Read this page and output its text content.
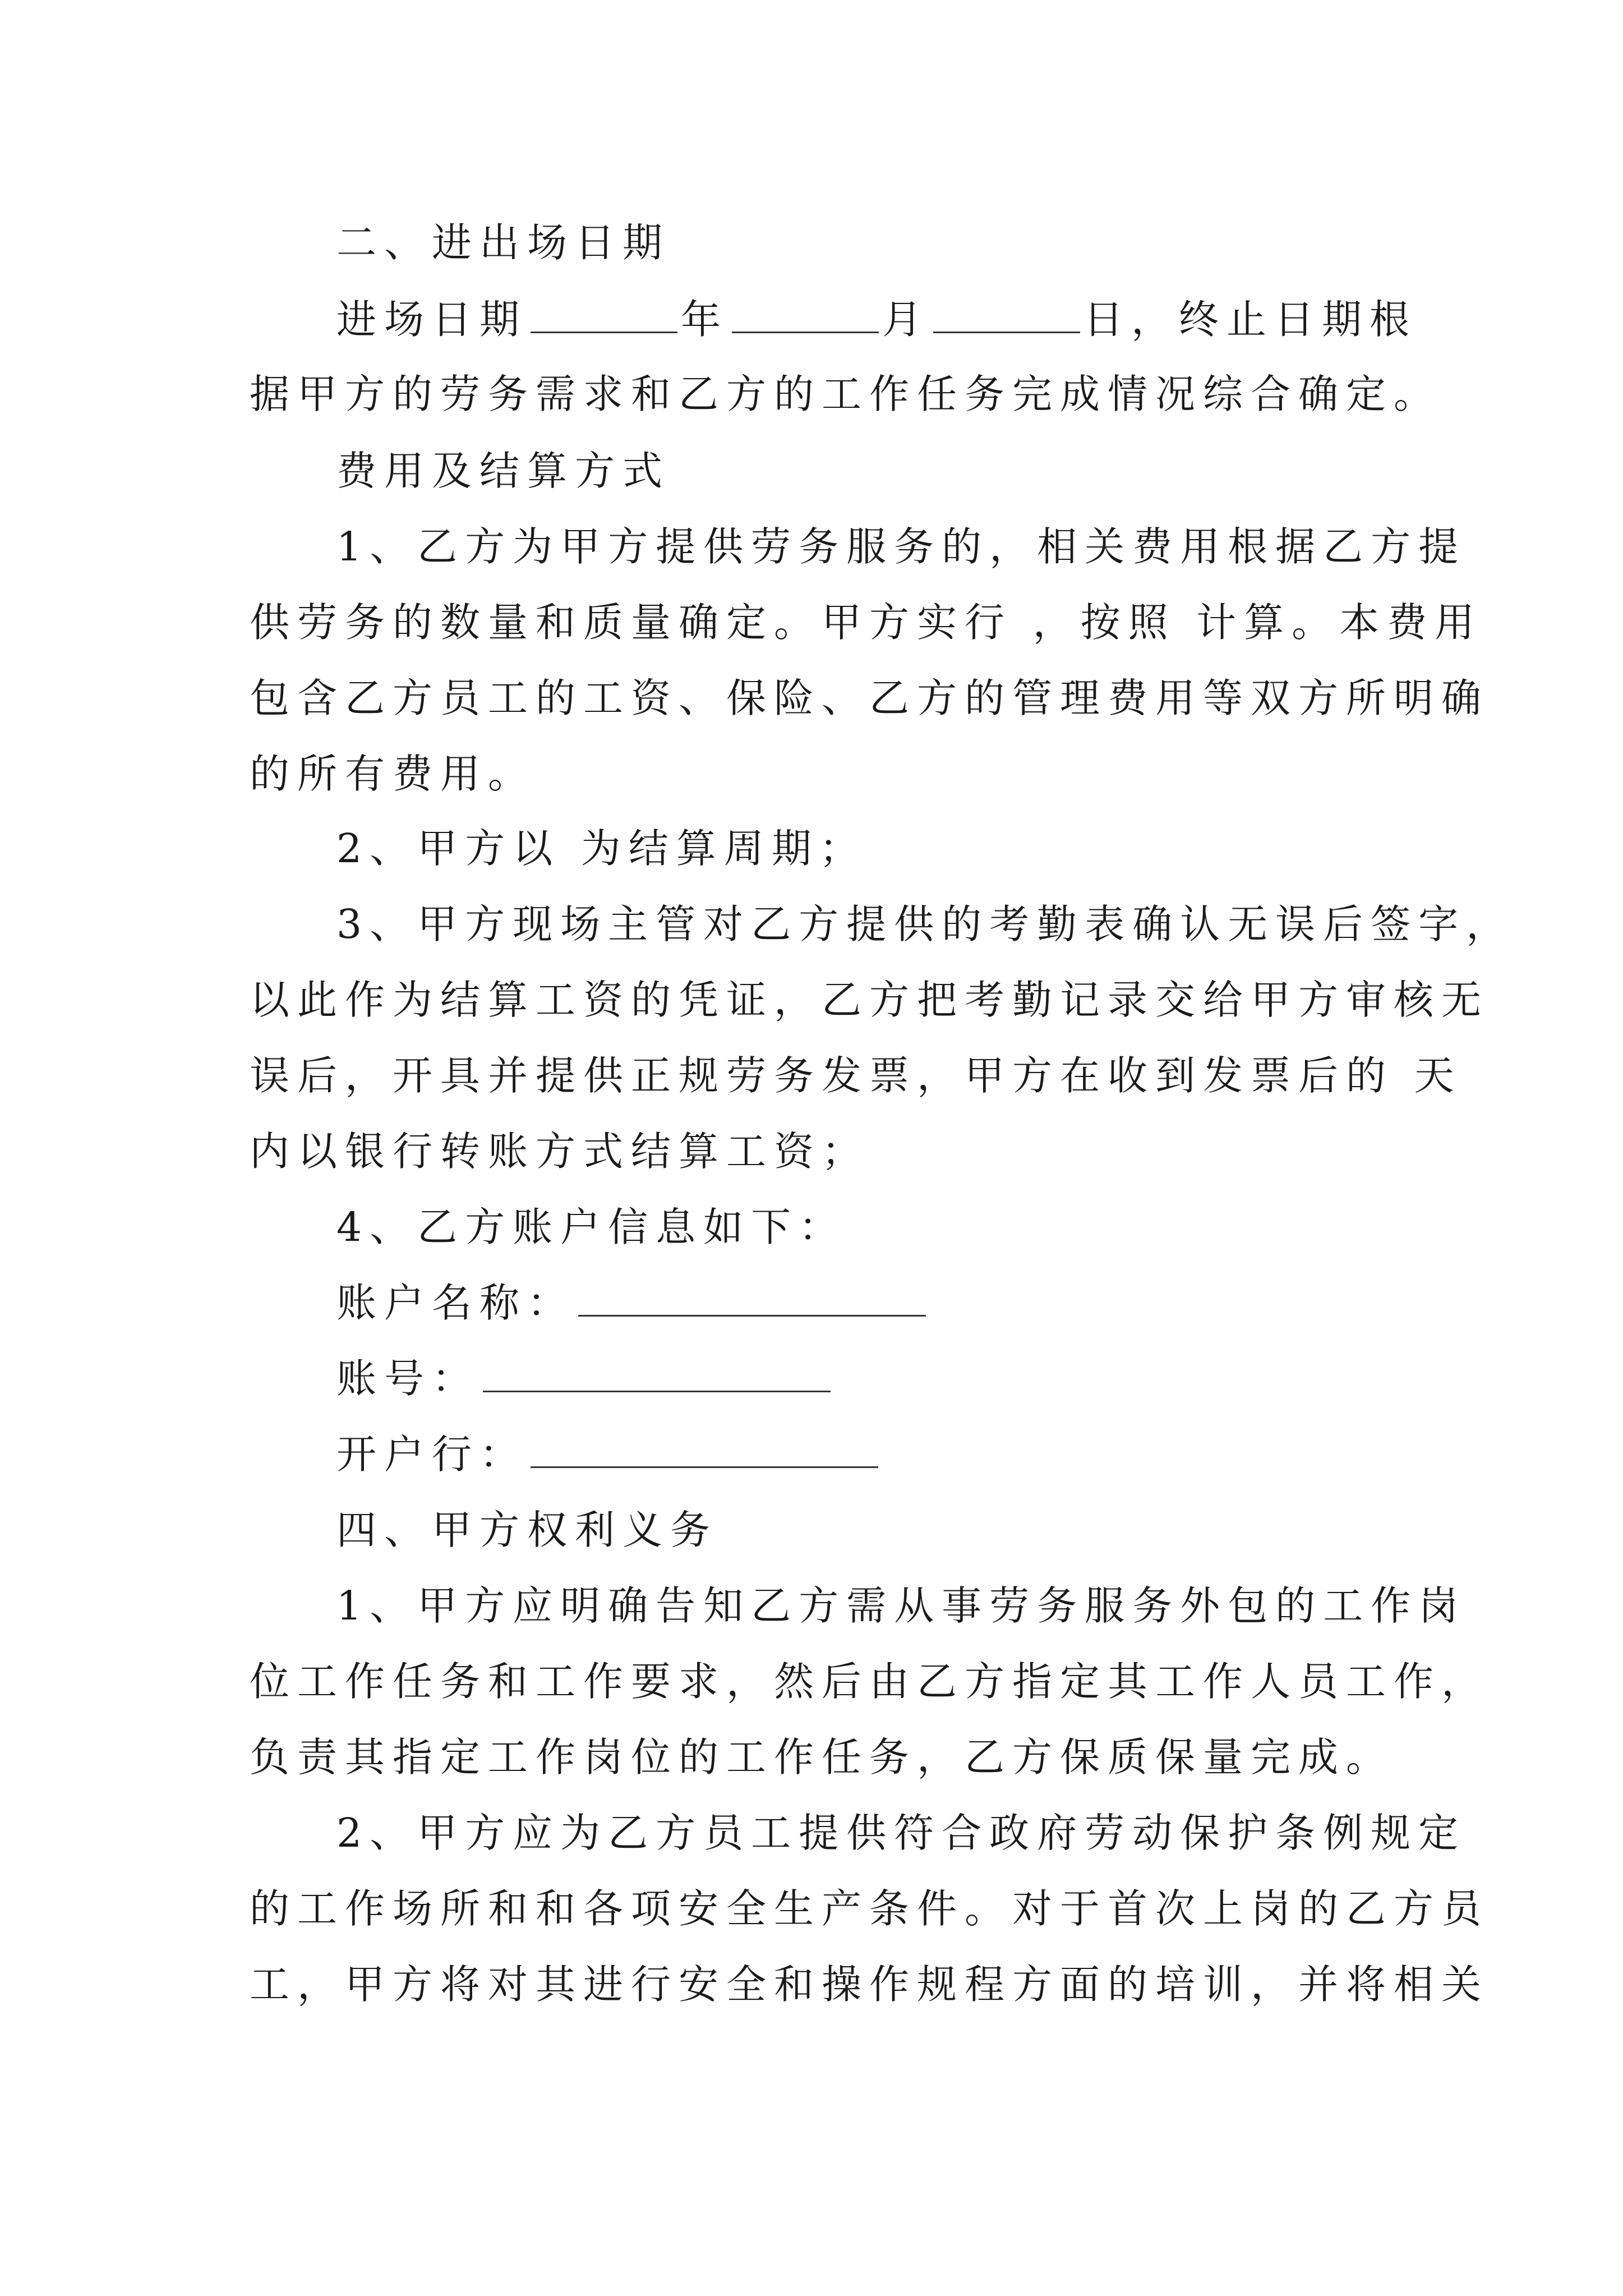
二、进出场日期
进场日期	年	月	日，终止日期根
据甲方的劳务需求和乙方的工作任务完成情况综合确定。
费用及结算方式
1、乙方为甲方提供劳务服务的，相关费用根据乙方提
供劳务的数量和质量确定。甲方实行 ，按照 计算。本费用
包含乙方员工的工资、保险、乙方的管理费用等双方所明确
的所有费用。
2、甲方以 为结算周期；
3、甲方现场主管对乙方提供的考勤表确认无误后签字，
以此作为结算工资的凭证，乙方把考勤记录交给甲方审核无
误后，开具并提供正规劳务发票，甲方在收到发票后的 天
内以银行转账方式结算工资；
4、乙方账户信息如下：
账户名称：
账号：
开户行：
四、甲方权利义务
1、甲方应明确告知乙方需从事劳务服务外包的工作岗
位工作任务和工作要求，然后由乙方指定其工作人员工作，
负责其指定工作岗位的工作任务，乙方保质保量完成。
2、甲方应为乙方员工提供符合政府劳动保护条例规定
的工作场所和和各项安全生产条件。对于首次上岗的乙方员
工，甲方将对其进行安全和操作规程方面的培训，并将相关
